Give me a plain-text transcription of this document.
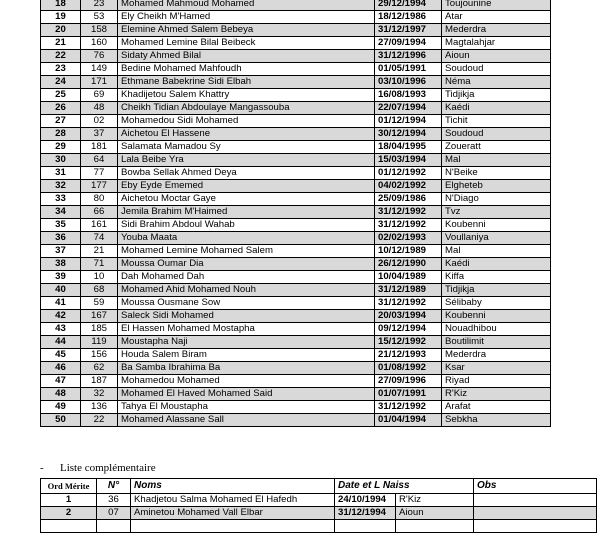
18	23	Mohamed Mahmoud Mohamed	29/12/1994	Toujounine
19	53	Ely Cheikh M'Hamed	18/12/1986	Atar
20	158	Elemine Ahmed Salem Bebeya	31/12/1997	Mederdra
21	160	Mohamed Lemine Bilal Beibeck	27/09/1994	Magtalahjar
22	76	Sidaty Ahmed Bilal	31/12/1996	Aioun
23	149	Bedine Mohamed Mahfoudh	01/05/1991	Soudoud
24	171	Ethmane Babekrine Sidi Elbah	03/10/1996	Néma
25	69	Khadijetou Salem Khattry	16/08/1993	Tidjikja
26	48	Cheikh Tidian Abdoulaye Mangassouba	22/07/1994	Kaédi
27	02	Mohamedou Sidi Mohamed	01/12/1994	Tichit
28	37	Aichetou El Hassene	30/12/1994	Soudoud
29	181	Salamata Mamadou Sy	18/04/1995	Zoueratt
30	64	Lala Beibe Yra	15/03/1994	Mal
31	77	Bowba Sellak Ahmed Deya	01/12/1992	N'Beike
32	177	Eby Eyde Ememed	04/02/1992	Elgheteb
33	80	Aichetou Moctar Gaye	25/09/1986	N'Diago
34	66	Jemila Brahim M'Haimed	31/12/1992	Tvz
35	161	Sidi Brahim Abdoul Wahab	31/12/1992	Koubenni
36	74	Youba Maata	02/02/1993	Voullaniya
37	21	Mohamed Lemine Mohamed Salem	10/12/1989	Mal
38	71	Moussa Oumar Dia	26/12/1990	Kaédi
39	10	Dah Mohamed Dah	10/04/1989	Kiffa
40	68	Mohamed Ahid Mohamed Nouh	31/12/1989	Tidjikja
41	59	Moussa Ousmane Sow	31/12/1992	Sélibaby
42	167	Saleck Sidi Mohamed	20/03/1994	Koubenni
43	185	El Hassen Mohamed Mostapha	09/12/1994	Nouadhibou
44	119	Moustapha Naji	15/12/1992	Boutilimit
45	156	Houda Salem Biram	21/12/1993	Mederdra
46	62	Ba Samba Ibrahima Ba	01/08/1992	Ksar
47	187	Mohamedou Mohamed	27/09/1996	Riyad
48	32	Mohamed El Haved Mohamed Said	01/07/1991	R'Kiz
49	136	Tahya El Moustapha	31/12/1992	Arafat
50	22	Mohamed Alassane Sall	01/04/1994	Sebkha
- Liste complémentaire
Ord Mérite	N°	Noms	Date et L Naiss		Obs
1	36	Khadjetou Salma Mohamed El Hafedh	24/10/1994	R'Kiz	
2	07	Aminetou Mohamed Vall Elbar	31/12/1994	Aioun	
